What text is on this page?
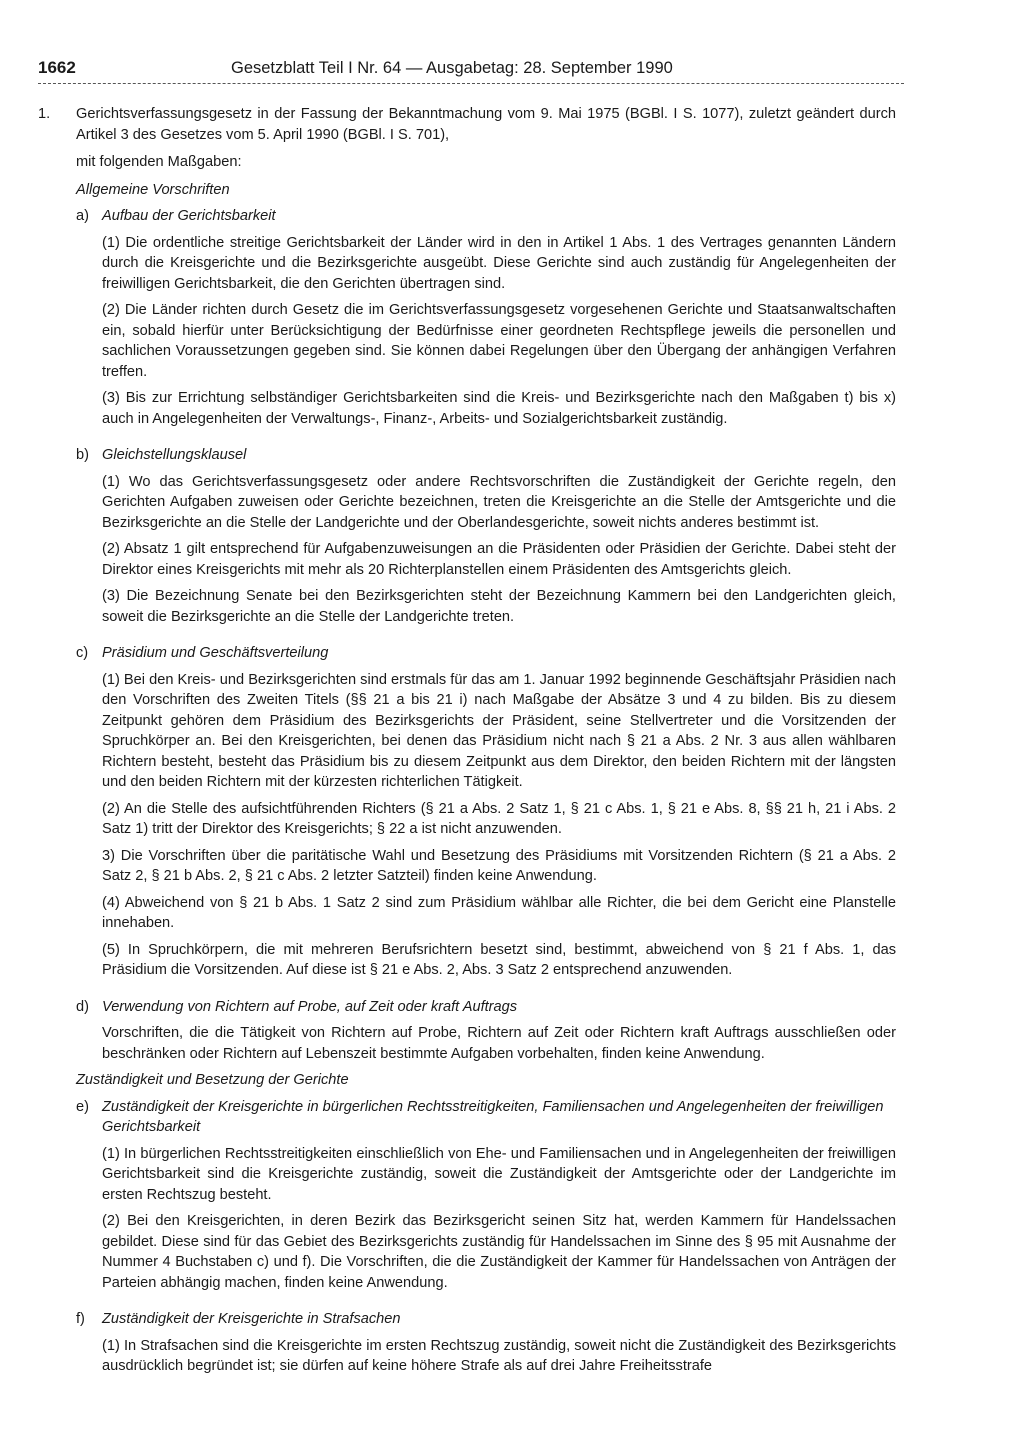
1662	Gesetzblatt Teil I Nr. 64 — Ausgabetag: 28. September 1990
1.	Gerichtsverfassungsgesetz in der Fassung der Bekanntmachung vom 9. Mai 1975 (BGBl. I S. 1077), zuletzt geändert durch Artikel 3 des Gesetzes vom 5. April 1990 (BGBl. I S. 701),

mit folgenden Maßgaben:

Allgemeine Vorschriften

a) Aufbau der Gerichtsbarkeit

(1) Die ordentliche streitige Gerichtsbarkeit der Länder wird in den in Artikel 1 Abs. 1 des Vertrages genannten Ländern durch die Kreisgerichte und die Bezirksgerichte ausgeübt. Diese Gerichte sind auch zuständig für Angelegenheiten der freiwilligen Gerichtsbarkeit, die den Gerichten übertragen sind.

(2) Die Länder richten durch Gesetz die im Gerichtsverfassungsgesetz vorgesehenen Gerichte und Staatsanwaltschaften ein, sobald hierfür unter Berücksichtigung der Bedürfnisse einer geordneten Rechtspflege jeweils die personellen und sachlichen Voraussetzungen gegeben sind. Sie können dabei Regelungen über den Übergang der anhängigen Verfahren treffen.

(3) Bis zur Errichtung selbständiger Gerichtsbarkeiten sind die Kreis- und Bezirksgerichte nach den Maßgaben t) bis x) auch in Angelegenheiten der Verwaltungs-, Finanz-, Arbeits- und Sozialgerichtsbarkeit zuständig.

b) Gleichstellungsklausel

(1) Wo das Gerichtsverfassungsgesetz oder andere Rechtsvorschriften die Zuständigkeit der Gerichte regeln, den Gerichten Aufgaben zuweisen oder Gerichte bezeichnen, treten die Kreisgerichte an die Stelle der Amtsgerichte und die Bezirksgerichte an die Stelle der Landgerichte und der Oberlandesgerichte, soweit nichts anderes bestimmt ist.

(2) Absatz 1 gilt entsprechend für Aufgabenzuweisungen an die Präsidenten oder Präsidien der Gerichte. Dabei steht der Direktor eines Kreisgerichts mit mehr als 20 Richterplanstellen einem Präsidenten des Amtsgerichts gleich.

(3) Die Bezeichnung Senate bei den Bezirksgerichten steht der Bezeichnung Kammern bei den Landgerichten gleich, soweit die Bezirksgerichte an die Stelle der Landgerichte treten.

c) Präsidium und Geschäftsverteilung

(1) Bei den Kreis- und Bezirksgerichten sind erstmals für das am 1. Januar 1992 beginnende Geschäftsjahr Präsidien nach den Vorschriften des Zweiten Titels (§§ 21 a bis 21 i) nach Maßgabe der Absätze 3 und 4 zu bilden. Bis zu diesem Zeitpunkt gehören dem Präsidium des Bezirksgerichts der Präsident, seine Stellvertreter und die Vorsitzenden der Spruchkörper an. Bei den Kreisgerichten, bei denen das Präsidium nicht nach § 21 a Abs. 2 Nr. 3 aus allen wählbaren Richtern besteht, besteht das Präsidium bis zu diesem Zeitpunkt aus dem Direktor, den beiden Richtern mit der längsten und den beiden Richtern mit der kürzesten richterlichen Tätigkeit.

(2) An die Stelle des aufsichtführenden Richters (§ 21 a Abs. 2 Satz 1, § 21 c Abs. 1, § 21 e Abs. 8, §§ 21 h, 21 i Abs. 2 Satz 1) tritt der Direktor des Kreisgerichts; § 22 a ist nicht anzuwenden.

3) Die Vorschriften über die paritätische Wahl und Besetzung des Präsidiums mit Vorsitzenden Richtern (§ 21 a Abs. 2 Satz 2, § 21 b Abs. 2, § 21 c Abs. 2 letzter Satzteil) finden keine Anwendung.

(4) Abweichend von § 21 b Abs. 1 Satz 2 sind zum Präsidium wählbar alle Richter, die bei dem Gericht eine Planstelle innehaben.

(5) In Spruchkörpern, die mit mehreren Berufsrichtern besetzt sind, bestimmt, abweichend von § 21 f Abs. 1, das Präsidium die Vorsitzenden. Auf diese ist § 21 e Abs. 2, Abs. 3 Satz 2 entsprechend anzuwenden.

d) Verwendung von Richtern auf Probe, auf Zeit oder kraft Auftrags

Vorschriften, die die Tätigkeit von Richtern auf Probe, Richtern auf Zeit oder Richtern kraft Auftrags ausschließen oder beschränken oder Richtern auf Lebenszeit bestimmte Aufgaben vorbehalten, finden keine Anwendung.

Zuständigkeit und Besetzung der Gerichte

e) Zuständigkeit der Kreisgerichte in bürgerlichen Rechtsstreitigkeiten, Familiensachen und Angelegenheiten der freiwilligen Gerichtsbarkeit

(1) In bürgerlichen Rechtsstreitigkeiten einschließlich von Ehe- und Familiensachen und in Angelegenheiten der freiwilligen Gerichtsbarkeit sind die Kreisgerichte zuständig, soweit die Zuständigkeit der Amtsgerichte oder der Landgerichte im ersten Rechtszug besteht.

(2) Bei den Kreisgerichten, in deren Bezirk das Bezirksgericht seinen Sitz hat, werden Kammern für Handelssachen gebildet. Diese sind für das Gebiet des Bezirksgerichts zuständig für Handelssachen im Sinne des § 95 mit Ausnahme der Nummer 4 Buchstaben c) und f). Die Vorschriften, die die Zuständigkeit der Kammer für Handelssachen von Anträgen der Parteien abhängig machen, finden keine Anwendung.

f)	Zuständigkeit der Kreisgerichte in Strafsachen

(1) In Strafsachen sind die Kreisgerichte im ersten Rechtszug zuständig, soweit nicht die Zuständigkeit des Bezirksgerichts ausdrücklich begründet ist; sie dürfen auf keine höhere Strafe als auf drei Jahre Freiheitsstrafe
